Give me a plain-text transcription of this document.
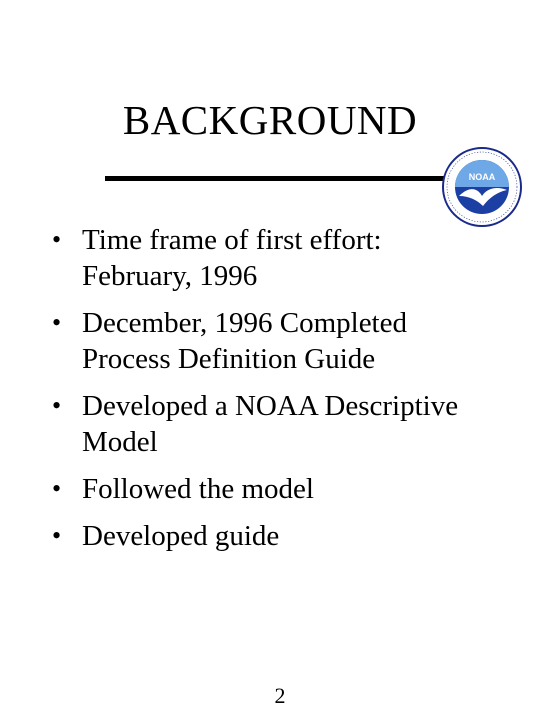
BACKGROUND
NOAA
• Time frame of first effort:
February, 1996
• December, 1996 Completed
Process Definition Guide
• Developed a NOAA Descriptive
Model
• Followed the model
• Developed guide
2
